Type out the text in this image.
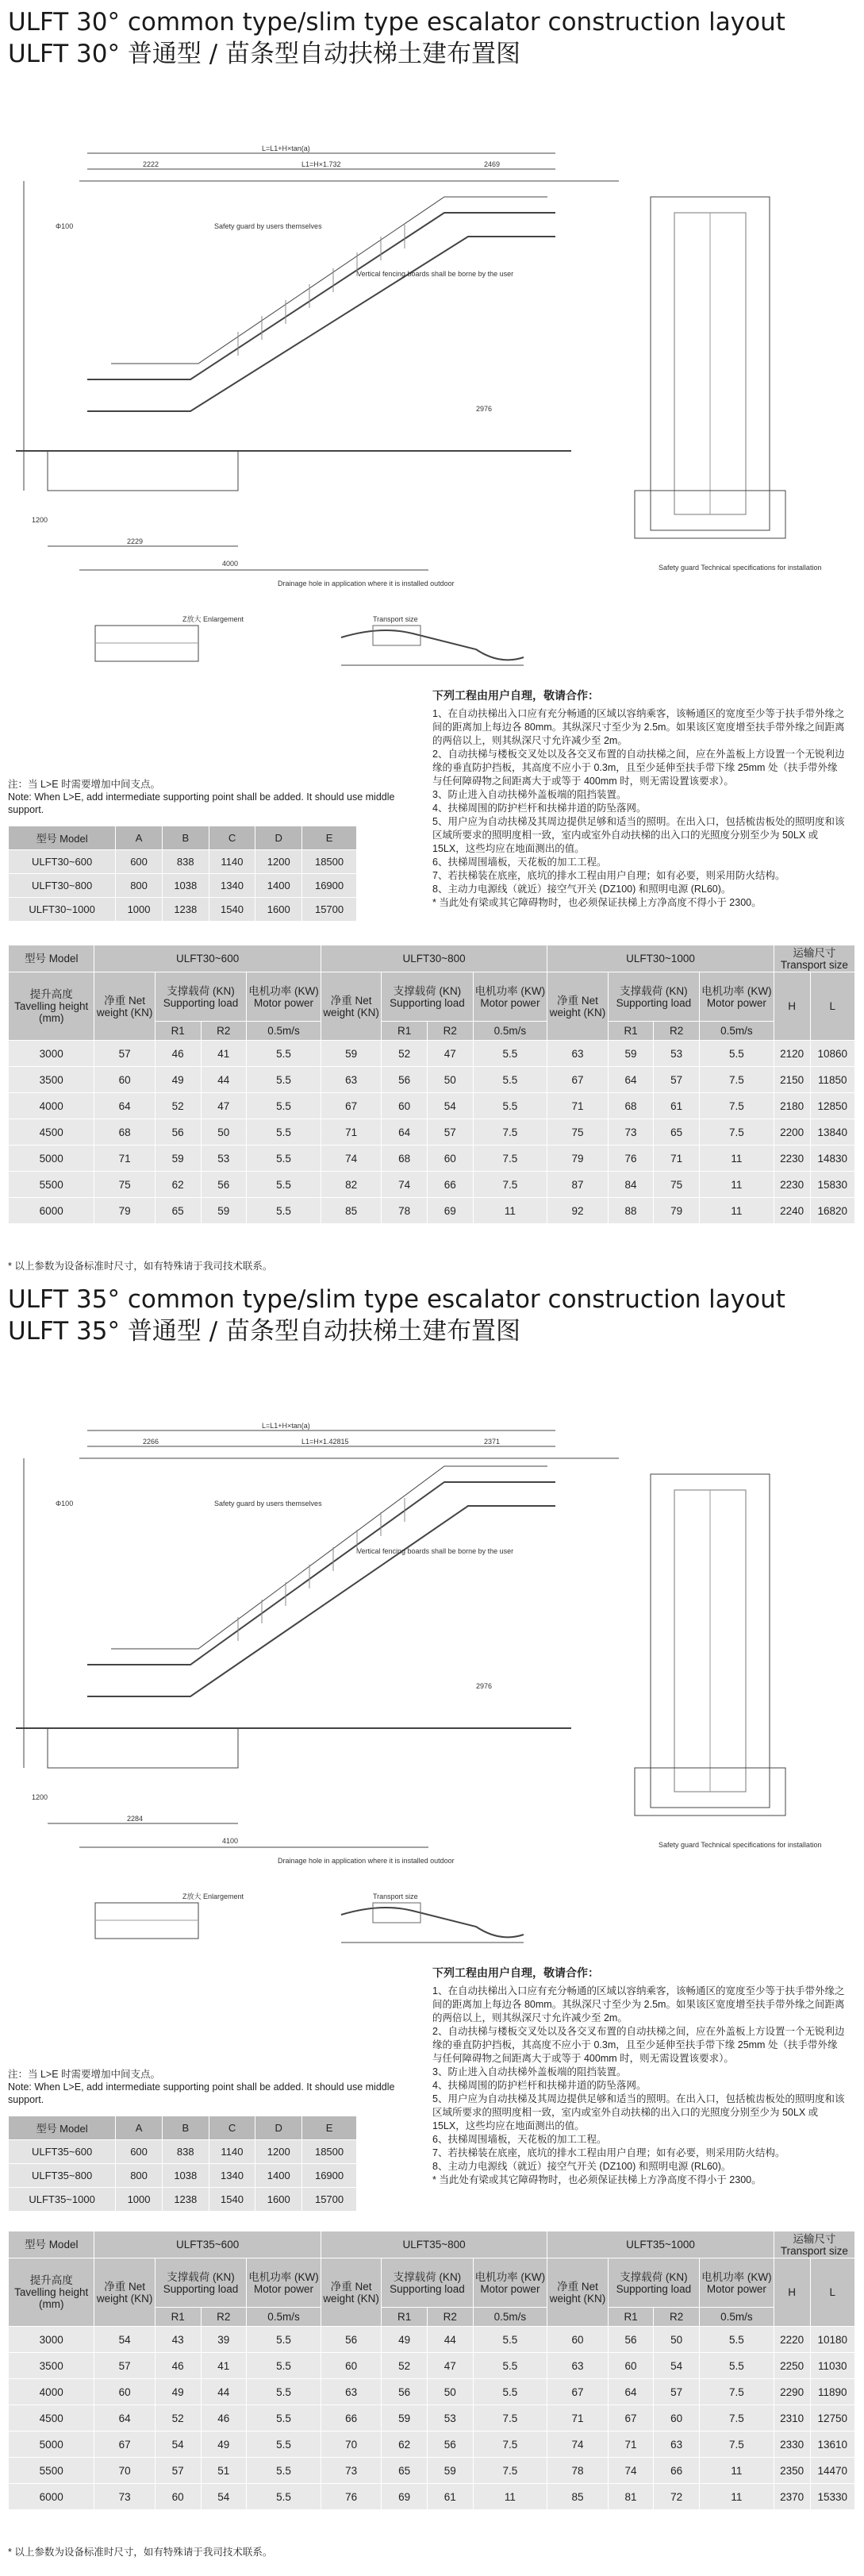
ULFT 30° common type/slim type escalator construction layout
ULFT 30° 普通型 / 苗条型自动扶梯土建布置图
L=L1+H×tan(a)
2222	L1=H×1.732	2469
Φ100
4000
2229
2976
1200
Safety guard by users themselves
Vertical fencing boards shall be borne by the user
Z放大 Enlargement	Transport size
Drainage hole in application where it is installed outdoor
Safety guard Technical specifications for installation
下列工程由用户自理，敬请合作：

1、在自动扶梯出入口应有充分畅通的区域以容纳乘客，该畅通区的宽度至少等于扶手带外缘之间的距离加上每边各 80mm。其纵深尺寸至少为 2.5m。如果该区宽度增至扶手带外缘之间距离的两倍以上，则其纵深尺寸允许减少至 2m。

2、自动扶梯与楼板交叉处以及各交叉布置的自动扶梯之间，应在外盖板上方设置一个无锐利边缘的垂直防护挡板，其高度不应小于 0.3m，且至少延伸至扶手带下缘 25mm 处（扶手带外缘与任何障碍物之间距离大于或等于 400mm 时，则无需设置该要求）。

3、防止进入自动扶梯外盖板端的阻挡装置。

4、扶梯周围的防护栏杆和扶梯井道的防坠落网。

5、用户应为自动扶梯及其周边提供足够和适当的照明。在出入口，包括梳齿板处的照明度和该区域所要求的照明度相一致，室内或室外自动扶梯的出入口的光照度分别至少为 50LX 或 15LX，这些均应在地面测出的值。

6、扶梯周围墙板，天花板的加工工程。

7、若扶梯装在底座，底坑的排水工程由用户自理；如有必要，则采用防火结构。

8、主动力电源线（就近）接空气开关 (DZ100) 和照明电源 (RL60)。

* 当此处有梁或其它障碍物时，也必须保证扶梯上方净高度不得小于 2300。

注：当 L>E 时需要增加中间支点。
Note: When L>E, add intermediate supporting point shall be added. It should use middle support.
型号 Model	A	B	C	D	E
ULFT30~600	600	838	1140	1200	18500
ULFT30~800	800	1038	1340	1400	16900
ULFT30~1000	1000	1238	1540	1600	15700
型号 Model	ULFT30~600				ULFT30~800				ULFT30~1000				运输尺寸 Transport size	
提升高度 Tavelling height (mm)	净重 Net weight (KN)	支撑载荷 (KN) Supporting load		电机功率 (KW) Motor power	净重 Net weight (KN)	支撑载荷 (KN) Supporting load		电机功率 (KW) Motor power	净重 Net weight (KN)	支撑载荷 (KN) Supporting load		电机功率 (KW) Motor power	H	L
		R1	R2	0.5m/s		R1	R2	0.5m/s		R1	R2	0.5m/s		
3000	57	46	41	5.5	59	52	47	5.5	63	59	53	5.5	2120	10860
3500	60	49	44	5.5	63	56	50	5.5	67	64	57	7.5	2150	11850
4000	64	52	47	5.5	67	60	54	5.5	71	68	61	7.5	2180	12850
4500	68	56	50	5.5	71	64	57	7.5	75	73	65	7.5	2200	13840
5000	71	59	53	5.5	74	68	60	7.5	79	76	71	11	2230	14830
5500	75	62	56	5.5	82	74	66	7.5	87	84	75	11	2230	15830
6000	79	65	59	5.5	85	78	69	11	92	88	79	11	2240	16820
* 以上参数为设备标准时尺寸，如有特殊请于我司技术联系。
ULFT 35° common type/slim type escalator construction layout
ULFT 35° 普通型 / 苗条型自动扶梯土建布置图
L=L1+H×tan(a)
2266	L1=H×1.42815	2371
Φ100
4100
2284
2976
1200
Safety guard by users themselves
Vertical fencing boards shall be borne by the user
Z放大 Enlargement	Transport size
Drainage hole in application where it is installed outdoor
Safety guard Technical specifications for installation
下列工程由用户自理，敬请合作：

1、在自动扶梯出入口应有充分畅通的区域以容纳乘客，该畅通区的宽度至少等于扶手带外缘之间的距离加上每边各 80mm。其纵深尺寸至少为 2.5m。如果该区宽度增至扶手带外缘之间距离的两倍以上，则其纵深尺寸允许减少至 2m。

2、自动扶梯与楼板交叉处以及各交叉布置的自动扶梯之间，应在外盖板上方设置一个无锐利边缘的垂直防护挡板，其高度不应小于 0.3m，且至少延伸至扶手带下缘 25mm 处（扶手带外缘与任何障碍物之间距离大于或等于 400mm 时，则无需设置该要求）。

3、防止进入自动扶梯外盖板端的阻挡装置。

4、扶梯周围的防护栏杆和扶梯井道的防坠落网。

5、用户应为自动扶梯及其周边提供足够和适当的照明。在出入口，包括梳齿板处的照明度和该区域所要求的照明度相一致，室内或室外自动扶梯的出入口的光照度分别至少为 50LX 或 15LX，这些均应在地面测出的值。

6、扶梯周围墙板，天花板的加工工程。

7、若扶梯装在底座，底坑的排水工程由用户自理；如有必要，则采用防火结构。

8、主动力电源线（就近）接空气开关 (DZ100) 和照明电源 (RL60)。

* 当此处有梁或其它障碍物时，也必须保证扶梯上方净高度不得小于 2300。

注：当 L>E 时需要增加中间支点。
Note: When L>E, add intermediate supporting point shall be added. It should use middle support.
型号 Model	A	B	C	D	E
ULFT35~600	600	838	1140	1200	18500
ULFT35~800	800	1038	1340	1400	16900
ULFT35~1000	1000	1238	1540	1600	15700
型号 Model	ULFT35~600				ULFT35~800				ULFT35~1000				运输尺寸 Transport size	
提升高度 Tavelling height (mm)	净重 Net weight (KN)	支撑载荷 (KN) Supporting load		电机功率 (KW) Motor power	净重 Net weight (KN)	支撑载荷 (KN) Supporting load		电机功率 (KW) Motor power	净重 Net weight (KN)	支撑载荷 (KN) Supporting load		电机功率 (KW) Motor power	H	L
		R1	R2	0.5m/s		R1	R2	0.5m/s		R1	R2	0.5m/s		
3000	54	43	39	5.5	56	49	44	5.5	60	56	50	5.5	2220	10180
3500	57	46	41	5.5	60	52	47	5.5	63	60	54	5.5	2250	11030
4000	60	49	44	5.5	63	56	50	5.5	67	64	57	7.5	2290	11890
4500	64	52	46	5.5	66	59	53	7.5	71	67	60	7.5	2310	12750
5000	67	54	49	5.5	70	62	56	7.5	74	71	63	7.5	2330	13610
5500	70	57	51	5.5	73	65	59	7.5	78	74	66	11	2350	14470
6000	73	60	54	5.5	76	69	61	11	85	81	72	11	2370	15330
* 以上参数为设备标准时尺寸，如有特殊请于我司技术联系。
